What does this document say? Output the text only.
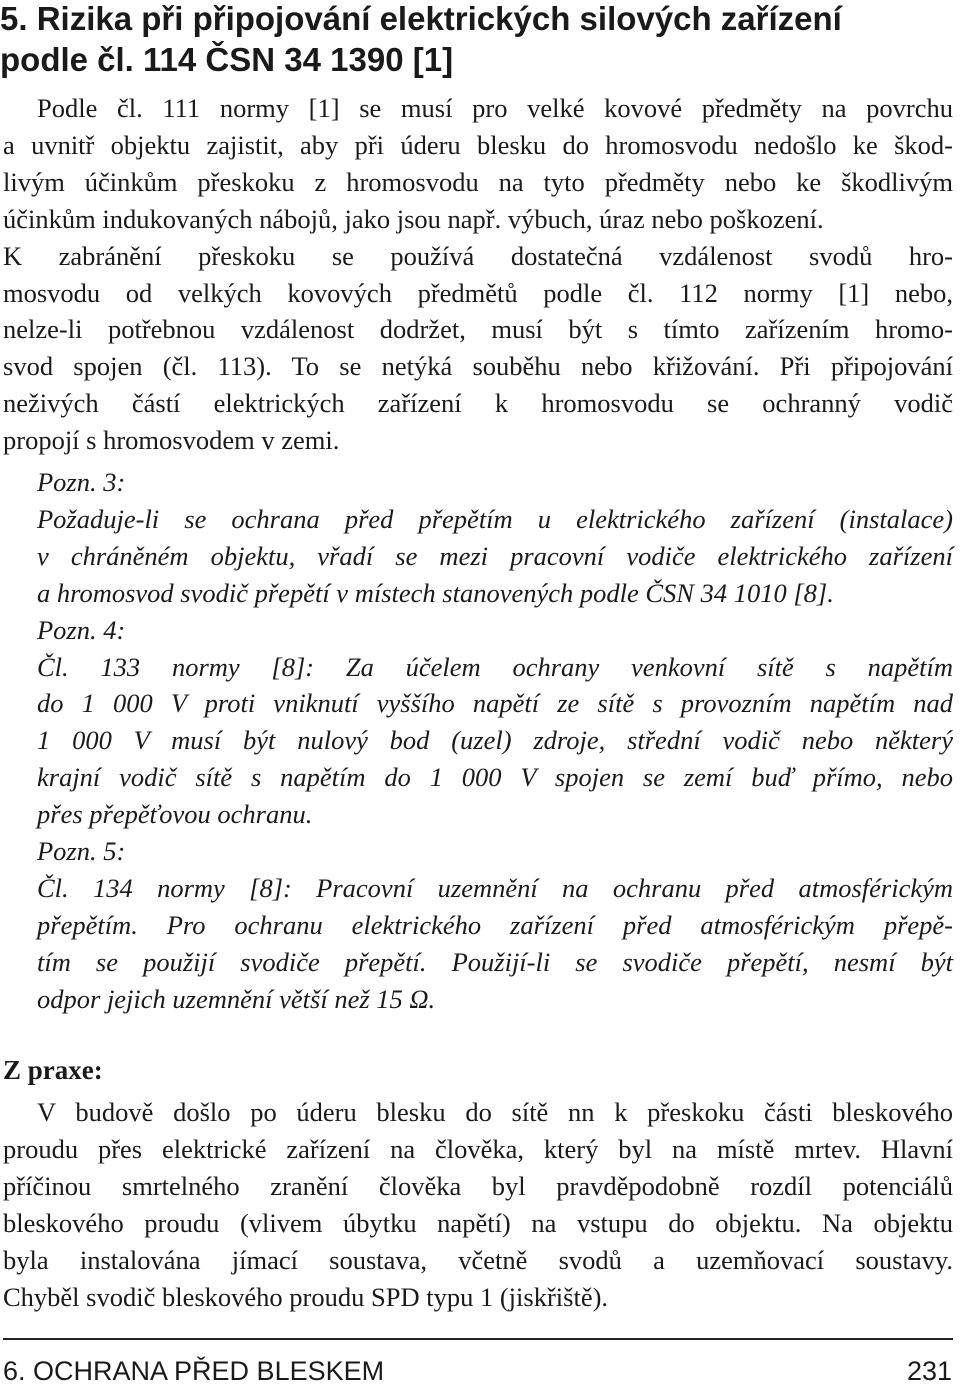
5. Rizika při připojování elektrických silových zařízení
podle čl. 114 ČSN 34 1390 [1]
Podle čl. 111 normy [1] se musí pro velké kovové předměty na povrchu
a uvnitř objektu zajistit, aby při úderu blesku do hromosvodu nedošlo ke škod-
livým účinkům přeskoku z hromosvodu na tyto předměty nebo ke škodlivým
účinkům indukovaných nábojů, jako jsou např. výbuch, úraz nebo poškození.
K zabránění přeskoku se používá dostatečná vzdálenost svodů hro-
mosvodu od velkých kovových předmětů podle čl. 112 normy [1] nebo,
nelze-li potřebnou vzdálenost dodržet, musí být s tímto zařízením hromo-
svod spojen (čl. 113). To se netýká souběhu nebo křižování. Při připojování
neživých částí elektrických zařízení k hromosvodu se ochranný vodič
propojí s hromosvodem v zemi.
Pozn. 3:
Požaduje-li se ochrana před přepětím u elektrického zařízení (instalace)
v chráněném objektu, vřadí se mezi pracovní vodiče elektrického zařízení
a hromosvod svodič přepětí v místech stanovených podle ČSN 34 1010 [8].
Pozn. 4:
Čl. 133 normy [8]: Za účelem ochrany venkovní sítě s napětím
do 1 000 V proti vniknutí vyššího napětí ze sítě s provozním napětím nad
1 000 V musí být nulový bod (uzel) zdroje, střední vodič nebo některý
krajní vodič sítě s napětím do 1 000 V spojen se zemí buď přímo, nebo
přes přepěťovou ochranu.
Pozn. 5:
Čl. 134 normy [8]: Pracovní uzemnění na ochranu před atmosférickým
přepětím. Pro ochranu elektrického zařízení před atmosférickým přepě-
tím se použijí svodiče přepětí. Použijí-li se svodiče přepětí, nesmí být
odpor jejich uzemnění větší než 15 Ω.
Z praxe:
V budově došlo po úderu blesku do sítě nn k přeskoku části bleskového
proudu přes elektrické zařízení na člověka, který byl na místě mrtev. Hlavní
příčinou smrtelného zranění člověka byl pravděpodobně rozdíl potenciálů
bleskového proudu (vlivem úbytku napětí) na vstupu do objektu. Na objektu
byla instalována jímací soustava, včetně svodů a uzemňovací soustavy.
Chyběl svodič bleskového proudu SPD typu 1 (jiskřiště).
6. OCHRANA PŘED BLESKEM	231
